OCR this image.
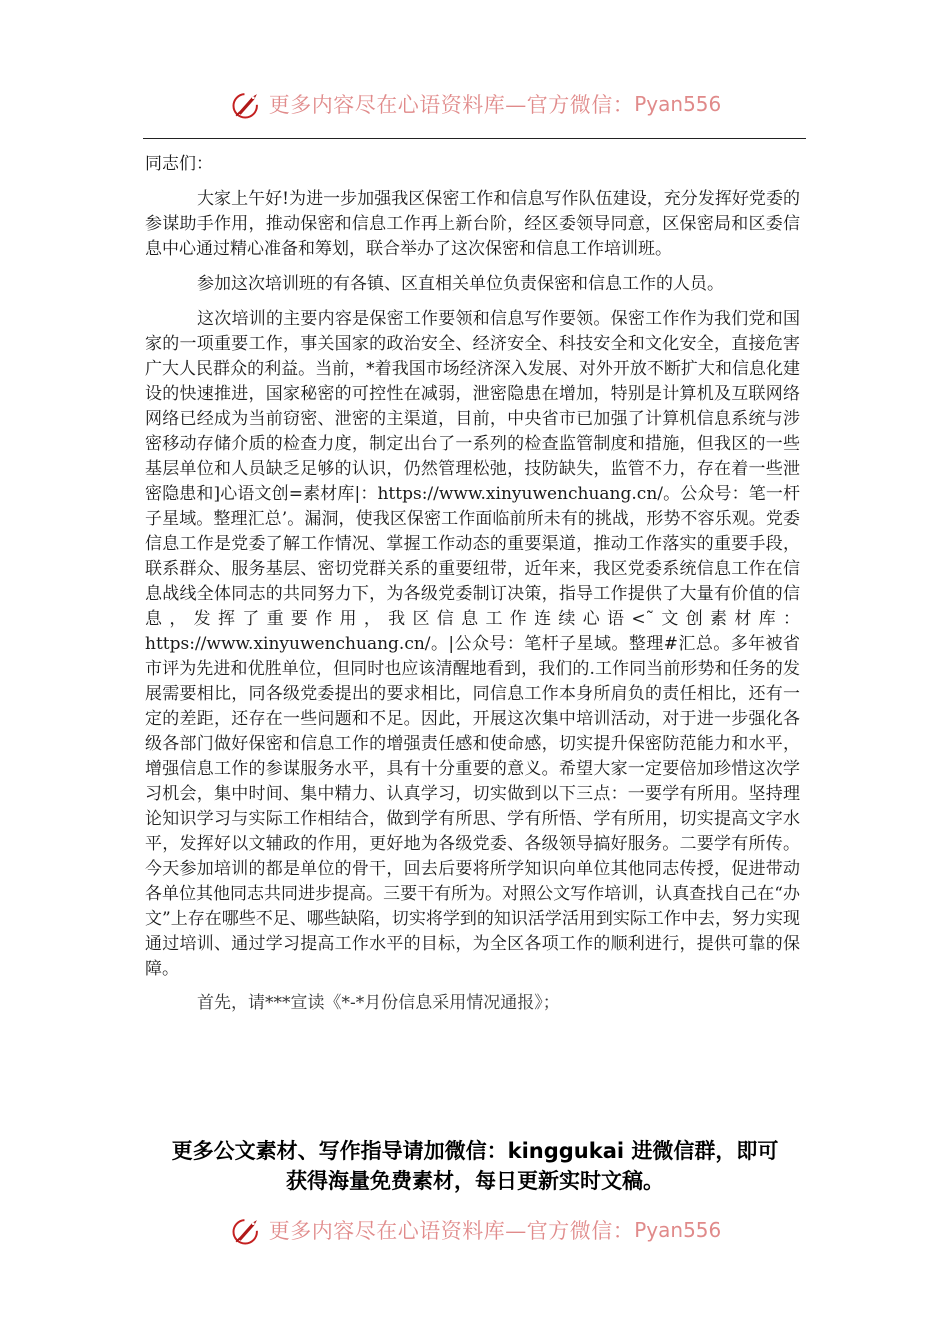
更多内容尽在心语资料库—官方微信： Pyan556

同志们：

大家上午好!为进一步加强我区保密工作和信息写作队伍建设，充分发挥好党委的参谋助手作用，推动保密和信息工作再上新台阶，经区委领导同意，区保密局和区委信息中心通过精心准备和筹划，联合举办了这次保密和信息工作培训班。

参加这次培训班的有各镇、区直相关单位负责保密和信息工作的人员。

这次培训的主要内容是保密工作要领和信息写作要领。保密工作作为我们党和国家的一项重要工作，事关国家的政治安全、经济安全、科技安全和文化安全，直接危害广大人民群众的利益。当前，*着我国市场经济深入发展、对外开放不断扩大和信息化建设的快速推进，国家秘密的可控性在减弱，泄密隐患在增加，特别是计算机及互联网络网络已经成为当前窃密、泄密的主渠道，目前，中央省市已加强了计算机信息系统与涉密移动存储介质的检查力度，制定出台了一系列的检查监管制度和措施，但我区的一些基层单位和人员缺乏足够的认识，仍然管理松弛，技防缺失，监管不力，存在着一些泄密隐患和]心语文创=素材库|：https://www.xinyuwenchuang.cn/。公众号：笔一杆子星域。整理汇总’。漏洞，使我区保密工作面临前所未有的挑战，形势不容乐观。党委信息工作是党委了解工作情况、掌握工作动态的重要渠道，推动工作落实的重要手段，联系群众、服务基层、密切党群关系的重要纽带，近年来，我区党委系统信息工作在信息战线全体同志的共同努力下，为各级党委制订决策，指导工作提供了大量有价值的信息，发挥了重要作用，我区信息工作连续心语<˜文创素材库：https://www.xinyuwenchuang.cn/。|公众号：笔杆子星域。整理#汇总。多年被省市评为先进和优胜单位，但同时也应该清醒地看到，我们的.工作同当前形势和任务的发展需要相比，同各级党委提出的要求相比，同信息工作本身所肩负的责任相比，还有一定的差距，还存在一些问题和不足。因此，开展这次集中培训活动，对于进一步强化各级各部门做好保密和信息工作的增强责任感和使命感，切实提升保密防范能力和水平，增强信息工作的参谋服务水平，具有十分重要的意义。希望大家一定要倍加珍惜这次学习机会，集中时间、集中精力、认真学习，切实做到以下三点：一要学有所用。坚持理论知识学习与实际工作相结合，做到学有所思、学有所悟、学有所用，切实提高文字水平，发挥好以文辅政的作用，更好地为各级党委、各级领导搞好服务。二要学有所传。今天参加培训的都是单位的骨干，回去后要将所学知识向单位其他同志传授，促进带动各单位其他同志共同进步提高。三要干有所为。对照公文写作培训，认真查找自己在“办文”上存在哪些不足、哪些缺陷，切实将学到的知识活学活用到实际工作中去，努力实现通过培训、通过学习提高工作水平的目标，为全区各项工作的顺利进行，提供可靠的保障。

首先，请***宣读《*-*月份信息采用情况通报》；

更多公文素材、写作指导请加微信：kinggukai 进微信群，即可
获得海量免费素材，每日更新实时文稿。
更多内容尽在心语资料库—官方微信： Pyan556
